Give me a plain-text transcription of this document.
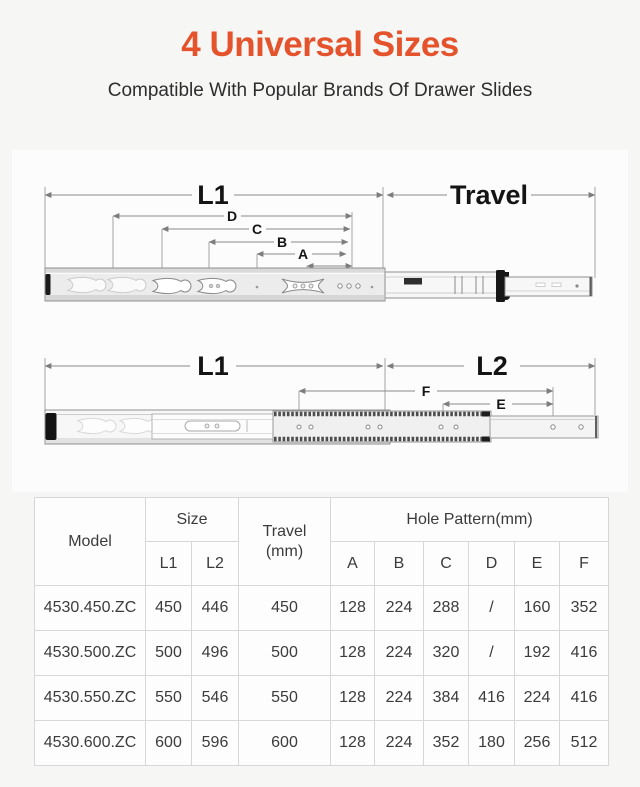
4 Universal Sizes

Compatible With Popular Brands Of Drawer Slides

L1	Travel
D
C
B
A
L1	L2
F
E
Model	Size		Travel
(mm)	Hole Pattern(mm)					
	L1	L2		A	B	C	D	E	F
4530.450.ZC	450	446	450	128	224	288	/	160	352
4530.500.ZC	500	496	500	128	224	320	/	192	416
4530.550.ZC	550	546	550	128	224	384	416	224	416
4530.600.ZC	600	596	600	128	224	352	180	256	512
